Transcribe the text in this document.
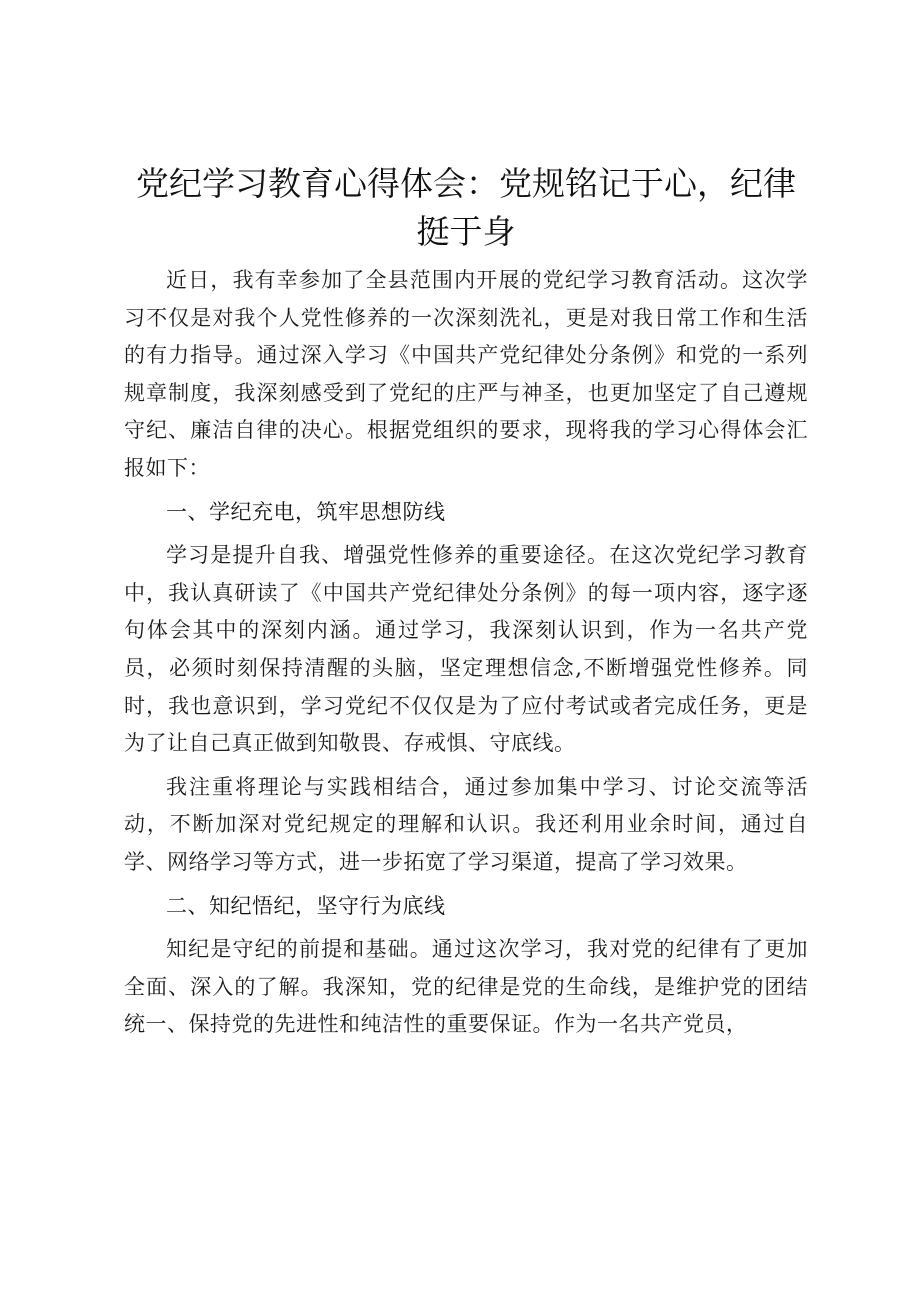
党纪学习教育心得体会：党规铭记于心，纪律挺于身

近日，我有幸参加了全县范围内开展的党纪学习教育活动。这次学习不仅是对我个人党性修养的一次深刻洗礼，更是对我日常工作和生活的有力指导。通过深入学习《中国共产党纪律处分条例》和党的一系列规章制度，我深刻感受到了党纪的庄严与神圣，也更加坚定了自己遵规守纪、廉洁自律的决心。根据党组织的要求，现将我的学习心得体会汇报如下：

一、学纪充电，筑牢思想防线

学习是提升自我、增强党性修养的重要途径。在这次党纪学习教育中，我认真研读了《中国共产党纪律处分条例》的每一项内容，逐字逐句体会其中的深刻内涵。通过学习，我深刻认识到，作为一名共产党员，必须时刻保持清醒的头脑，坚定理想信念,不断增强党性修养。同时，我也意识到，学习党纪不仅仅是为了应付考试或者完成任务，更是为了让自己真正做到知敬畏、存戒惧、守底线。

我注重将理论与实践相结合，通过参加集中学习、讨论交流等活动，不断加深对党纪规定的理解和认识。我还利用业余时间，通过自学、网络学习等方式，进一步拓宽了学习渠道，提高了学习效果。

二、知纪悟纪，坚守行为底线

知纪是守纪的前提和基础。通过这次学习，我对党的纪律有了更加全面、深入的了解。我深知，党的纪律是党的生命线，是维护党的团结统一、保持党的先进性和纯洁性的重要保证。作为一名共产党员，
